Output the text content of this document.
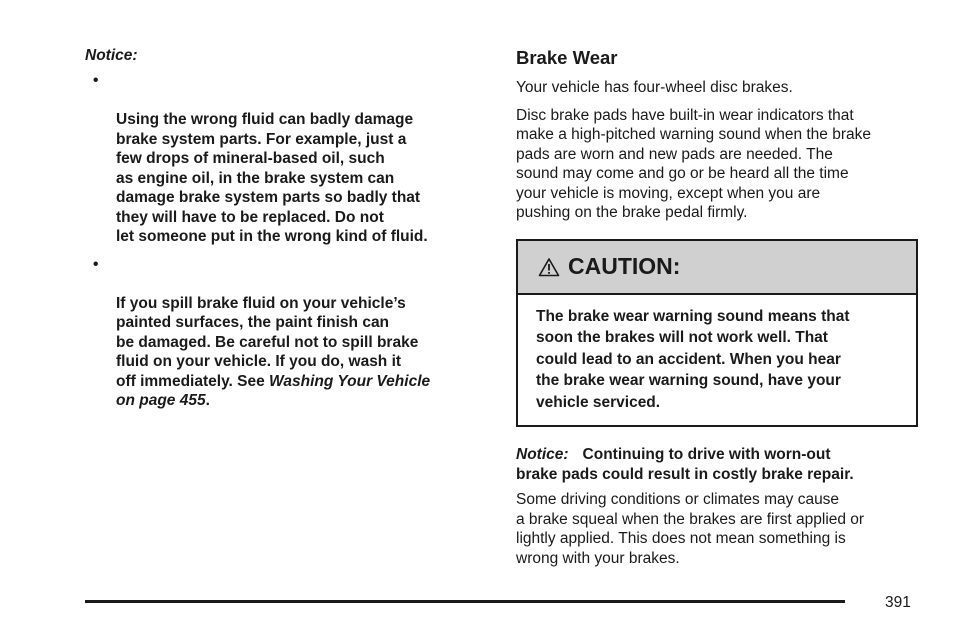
Notice:

•

Using the wrong fluid can badly damage
brake system parts. For example, just a
few drops of mineral-based oil, such
as engine oil, in the brake system can
damage brake system parts so badly that
they will have to be replaced. Do not
let someone put in the wrong kind of fluid.

•

If you spill brake fluid on your vehicle’s
painted surfaces, the paint finish can
be damaged. Be careful not to spill brake
fluid on your vehicle. If you do, wash it
off immediately. See Washing Your Vehicle
on page 455.

Brake Wear

Your vehicle has four-wheel disc brakes.

Disc brake pads have built-in wear indicators that
make a high-pitched warning sound when the brake
pads are worn and new pads are needed. The
sound may come and go or be heard all the time
your vehicle is moving, except when you are
pushing on the brake pedal firmly.

CAUTION:
The brake wear warning sound means that
soon the brakes will not work well. That
could lead to an accident. When you hear
the brake wear warning sound, have your
vehicle serviced.
Notice: Continuing to drive with worn-out
brake pads could result in costly brake repair.

Some driving conditions or climates may cause
a brake squeal when the brakes are first applied or
lightly applied. This does not mean something is
wrong with your brakes.

391
